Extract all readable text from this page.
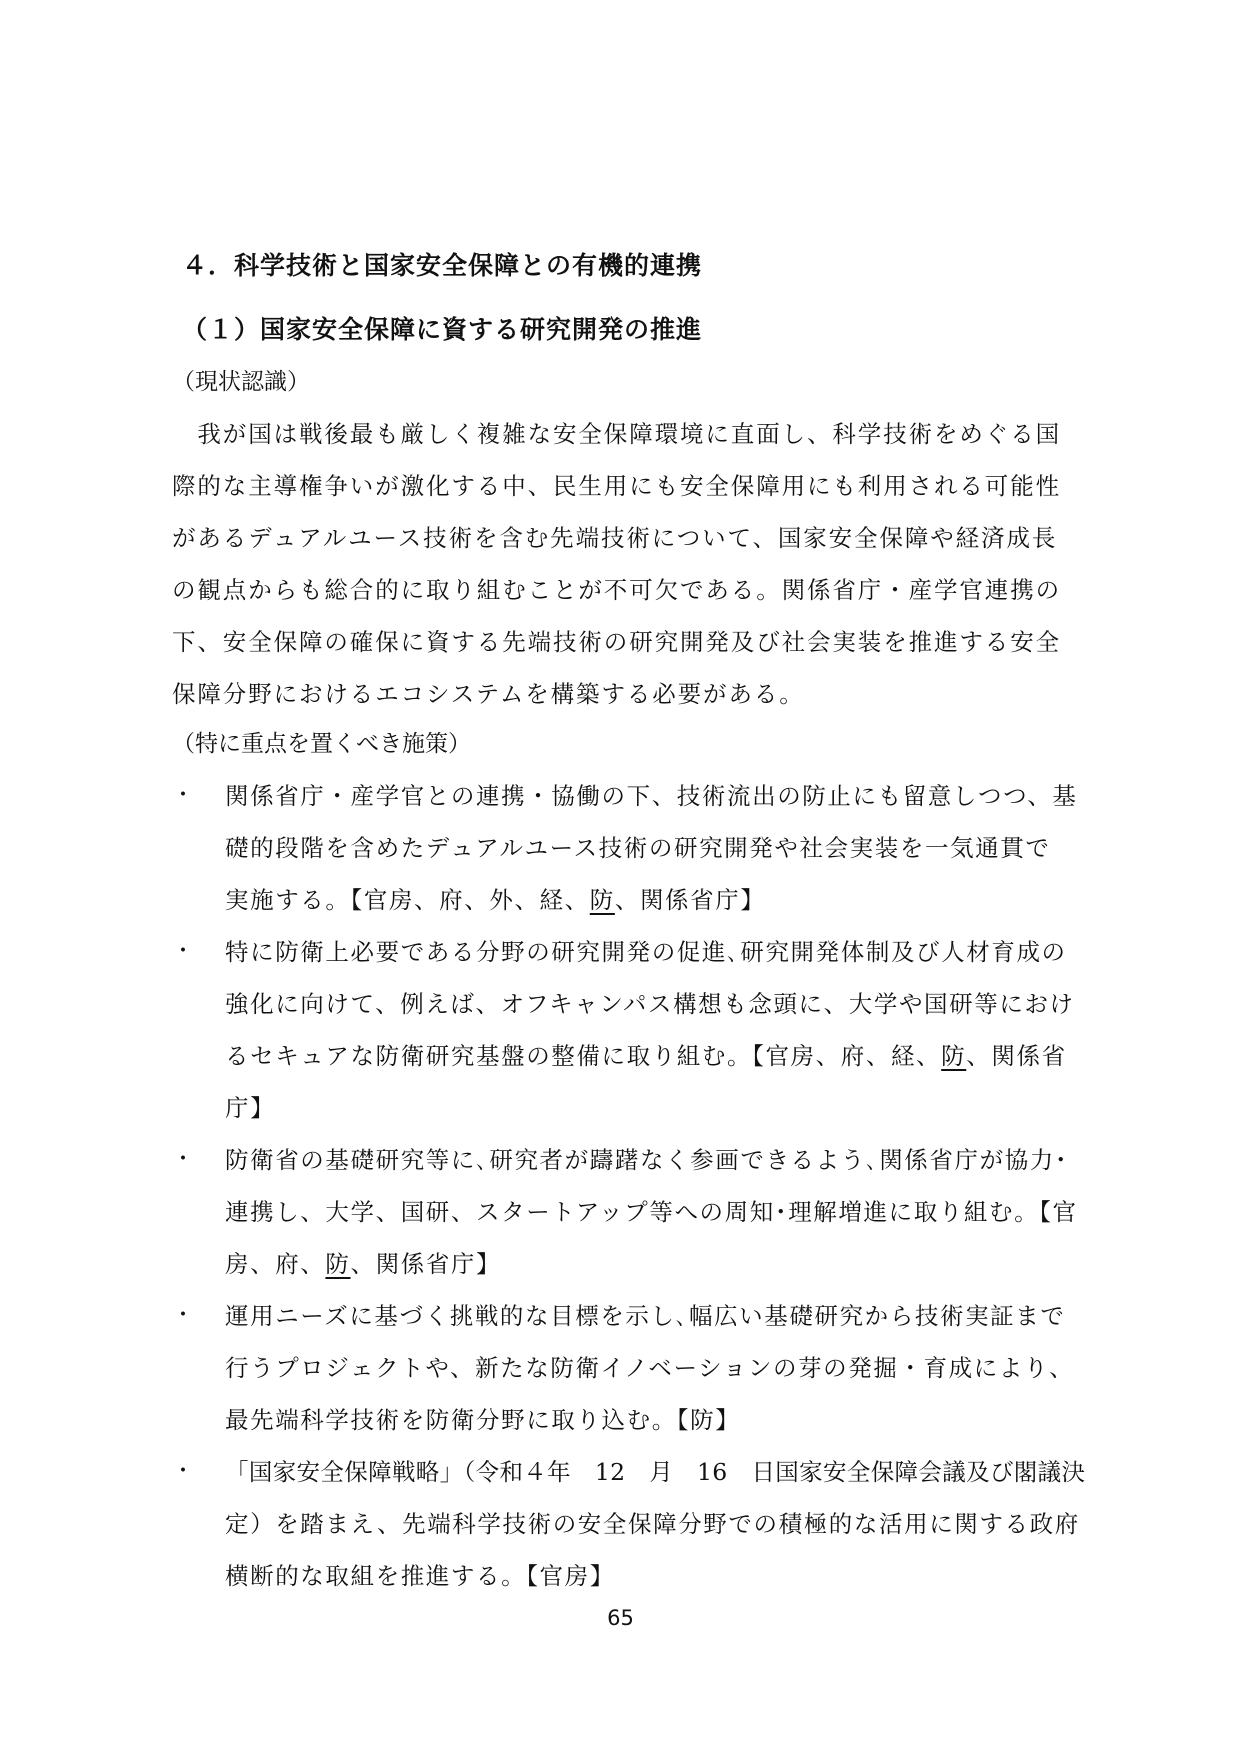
４．科学技術と国家安全保障との有機的連携
（１）国家安全保障に資する研究開発の推進
（現状認識）
　我が国は戦後最も厳しく複雑な安全保障環境に直面し、科学技術をめぐる国
際的な主導権争いが激化する中、民生用にも安全保障用にも利用される可能性
があるデュアルユース技術を含む先端技術について、国家安全保障や経済成長
の観点からも総合的に取り組むことが不可欠である。関係省庁・産学官連携の
下、安全保障の確保に資する先端技術の研究開発及び社会実装を推進する安全
保障分野におけるエコシステムを構築する必要がある。
（特に重点を置くべき施策）
・ 関係省庁・産学官との連携・協働の下、技術流出の防止にも留意しつつ、基
礎的段階を含めたデュアルユース技術の研究開発や社会実装を一気通貫で
実施する。【官房、府、外、経、防、関係省庁】
・ 特に防衛上必要である分野の研究開発の促進､研究開発体制及び人材育成の
強化に向けて、例えば、オフキャンパス構想も念頭に、大学や国研等におけ
るセキュアな防衛研究基盤の整備に取り組む。【官房、府、経、防、関係省
庁】
・ 防衛省の基礎研究等に､研究者が躊躇なく参画できるよう､関係省庁が協力･
連携し、大学、国研、スタートアップ等への周知･理解増進に取り組む｡【官
房、府、防、関係省庁】
・ 運用ニーズに基づく挑戦的な目標を示し､幅広い基礎研究から技術実証まで
行うプロジェクトや、新たな防衛イノベーションの芽の発掘・育成により、
最先端科学技術を防衛分野に取り込む。【防】
・ 「国家安全保障戦略」（令和４年　12　月　16　日国家安全保障会議及び閣議決
定）を踏まえ、先端科学技術の安全保障分野での積極的な活用に関する政府
横断的な取組を推進する。【官房】
65
